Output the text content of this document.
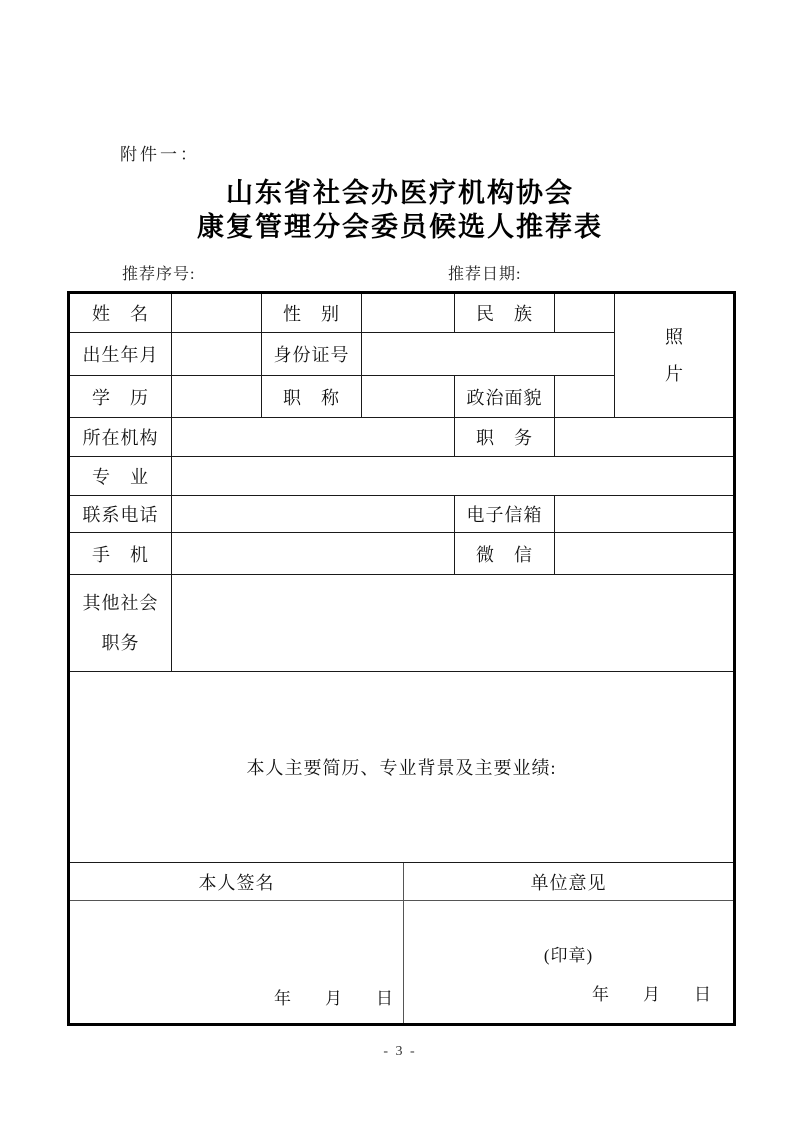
附件一：
山东省社会办医疗机构协会
康复管理分会委员候选人推荐表
推荐序号:	推荐日期:
姓　名		性　别		民　族		照
片

出生年月		身份证号				
学　历		职　称		政治面貌		
所在机构				职　务		
专　业						
联系电话				电子信箱		
手　机				微　信		

其他社会
职务						

本人主要简历、专业背景及主要业绩:						

本人签名 单位意见
年　　月　　日
(印章)
年　　月　　日						
- 3 -
